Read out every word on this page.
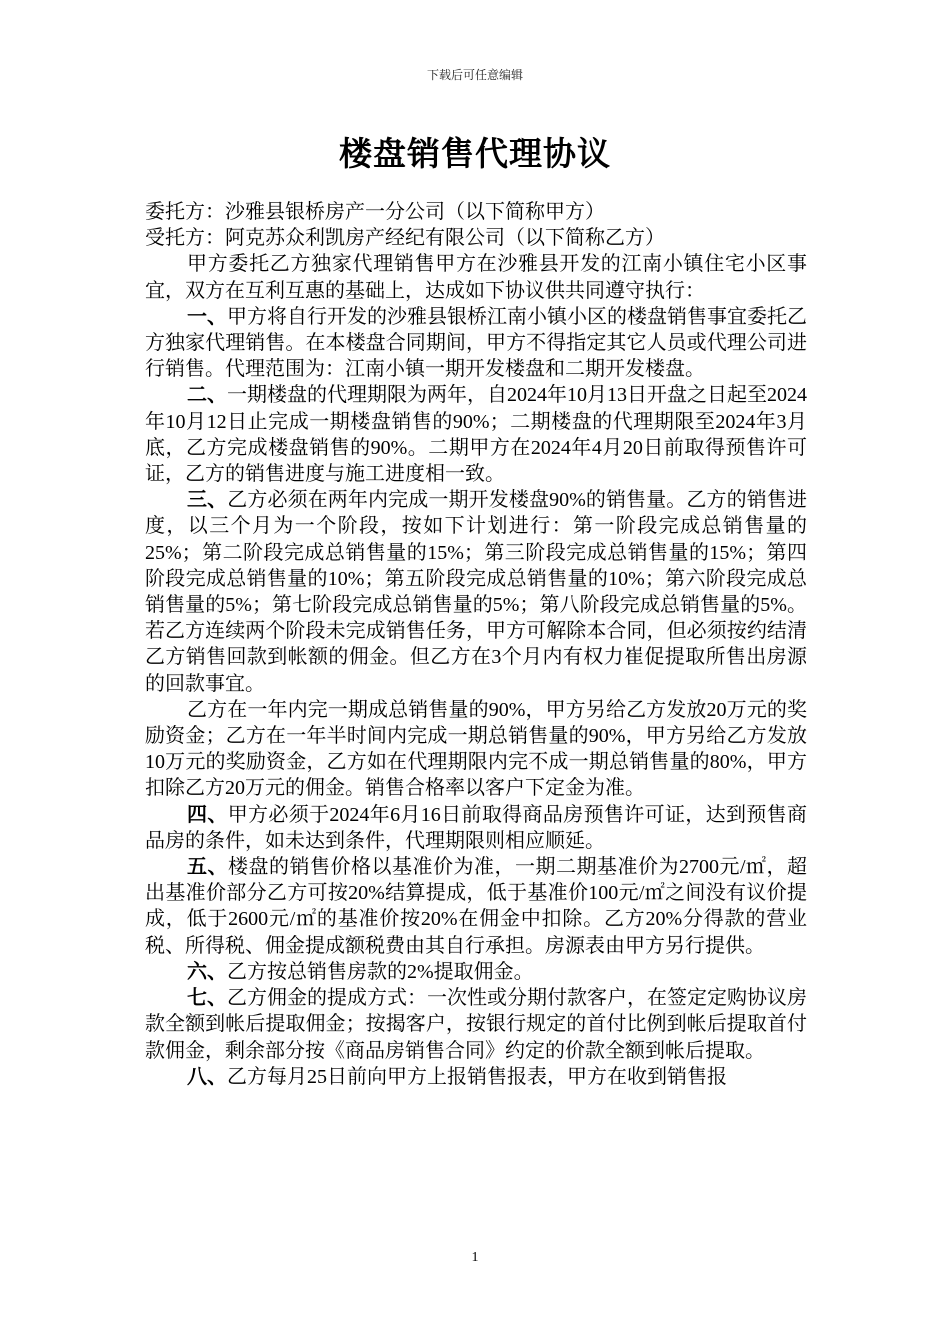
下载后可任意编辑
楼盘销售代理协议

委托方：沙雅县银桥房产一分公司（以下简称甲方）

受托方：阿克苏众利凯房产经纪有限公司（以下简称乙方）

甲方委托乙方独家代理销售甲方在沙雅县开发的江南小镇住宅小区事宜，双方在互利互惠的基础上，达成如下协议供共同遵守执行：

一、甲方将自行开发的沙雅县银桥江南小镇小区的楼盘销售事宜委托乙方独家代理销售。在本楼盘合同期间，甲方不得指定其它人员或代理公司进行销售。代理范围为：江南小镇一期开发楼盘和二期开发楼盘。

二、一期楼盘的代理期限为两年，自2024年10月13日开盘之日起至2024年10月12日止完成一期楼盘销售的90%；二期楼盘的代理期限至2024年3月底，乙方完成楼盘销售的90%。二期甲方在2024年4月20日前取得预售许可证，乙方的销售进度与施工进度相一致。

三、乙方必须在两年内完成一期开发楼盘90%的销售量。乙方的销售进度，以三个月为一个阶段，按如下计划进行：第一阶段完成总销售量的25%；第二阶段完成总销售量的15%；第三阶段完成总销售量的15%；第四阶段完成总销售量的10%；第五阶段完成总销售量的10%；第六阶段完成总销售量的5%；第七阶段完成总销售量的5%；第八阶段完成总销售量的5%。若乙方连续两个阶段未完成销售任务，甲方可解除本合同，但必须按约结清乙方销售回款到帐额的佣金。但乙方在3个月内有权力崔促提取所售出房源的回款事宜。

乙方在一年内完一期成总销售量的90%，甲方另给乙方发放20万元的奖励资金；乙方在一年半时间内完成一期总销售量的90%，甲方另给乙方发放10万元的奖励资金，乙方如在代理期限内完不成一期总销售量的80%，甲方扣除乙方20万元的佣金。销售合格率以客户下定金为准。

四、甲方必须于2024年6月16日前取得商品房预售许可证，达到预售商品房的条件，如未达到条件，代理期限则相应顺延。

五、楼盘的销售价格以基准价为准，一期二期基准价为2700元/㎡，超出基准价部分乙方可按20%结算提成，低于基准价100元/㎡之间没有议价提成，低于2600元/㎡的基准价按20%在佣金中扣除。乙方20%分得款的营业税、所得税、佣金提成额税费由其自行承担。房源表由甲方另行提供。

六、乙方按总销售房款的2%提取佣金。

七、乙方佣金的提成方式：一次性或分期付款客户，在签定定购协议房款全额到帐后提取佣金；按揭客户，按银行规定的首付比例到帐后提取首付款佣金，剩余部分按《商品房销售合同》约定的价款全额到帐后提取。

八、乙方每月25日前向甲方上报销售报表，甲方在收到销售报

1
